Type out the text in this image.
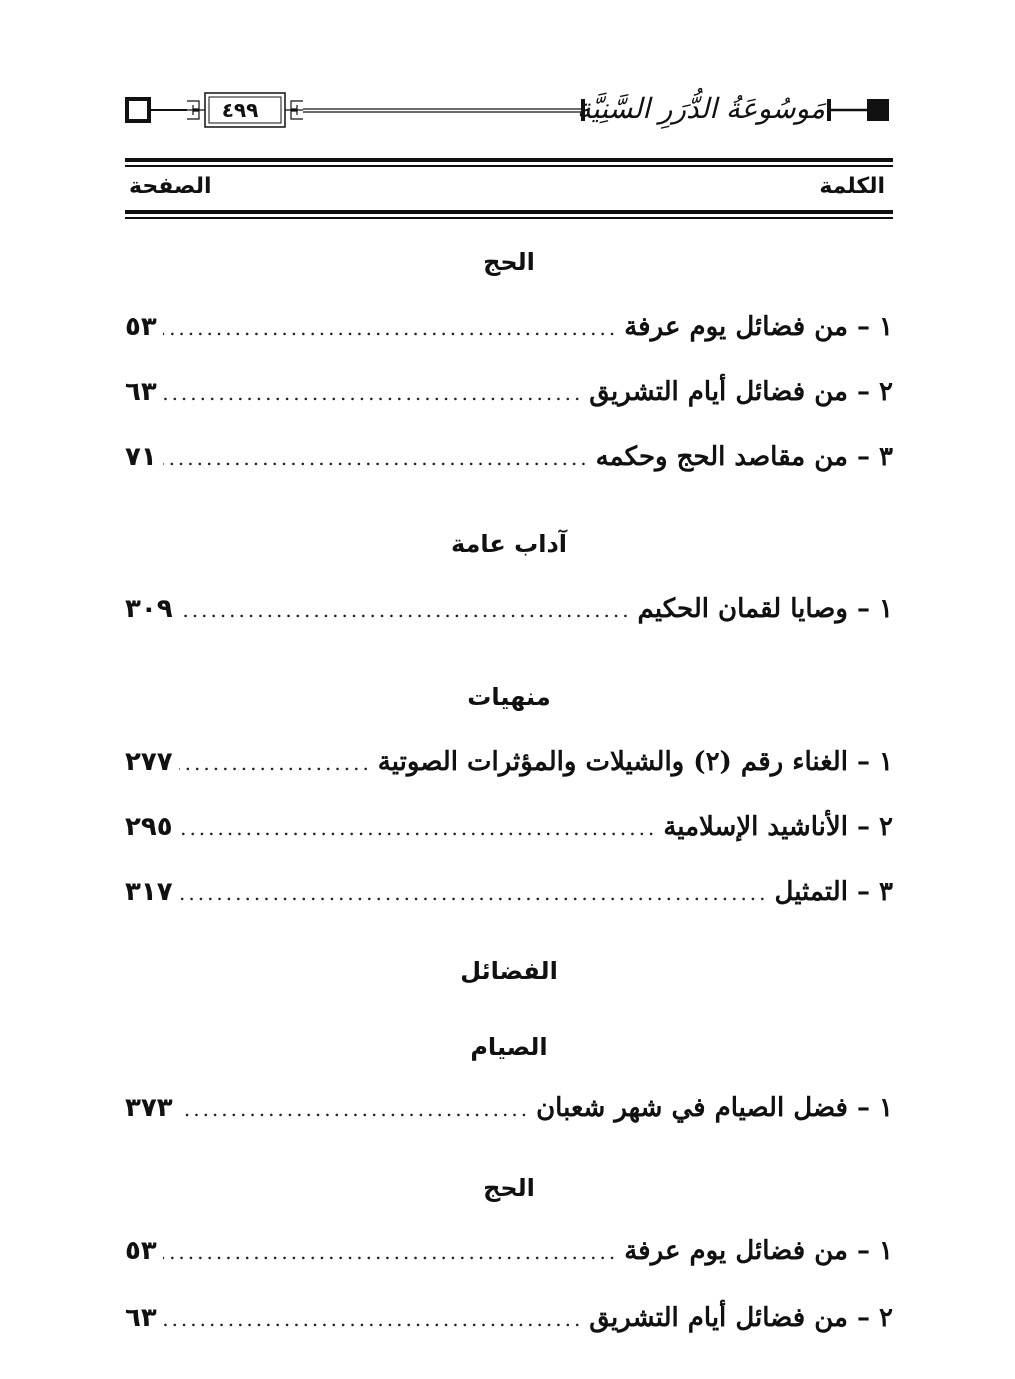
٤٩٩	مَوسُوعَةُ الدُّرَرِ السَّنِيَّة
الكلمة
الصفحة
الحج
١ – من فضائل يوم عرفة
.....
٥٣
٢ – من فضائل أيام التشريق
.....
٦٣
٣ – من مقاصد الحج وحكمه
.....
٧١
آداب عامة
١ – وصايا لقمان الحكيم
.....
٣٠٩
منهيات
١ – الغناء رقم (٢) والشيلات والمؤثرات الصوتية
.....
٢٧٧
٢ – الأناشيد الإسلامية
.....
٢٩٥
٣ – التمثيل
.....
٣١٧
الفضائل
الصيام
١ – فضل الصيام في شهر شعبان
.....
٣٧٣
الحج
١ – من فضائل يوم عرفة
.....
٥٣
٢ – من فضائل أيام التشريق
.....
٦٣
